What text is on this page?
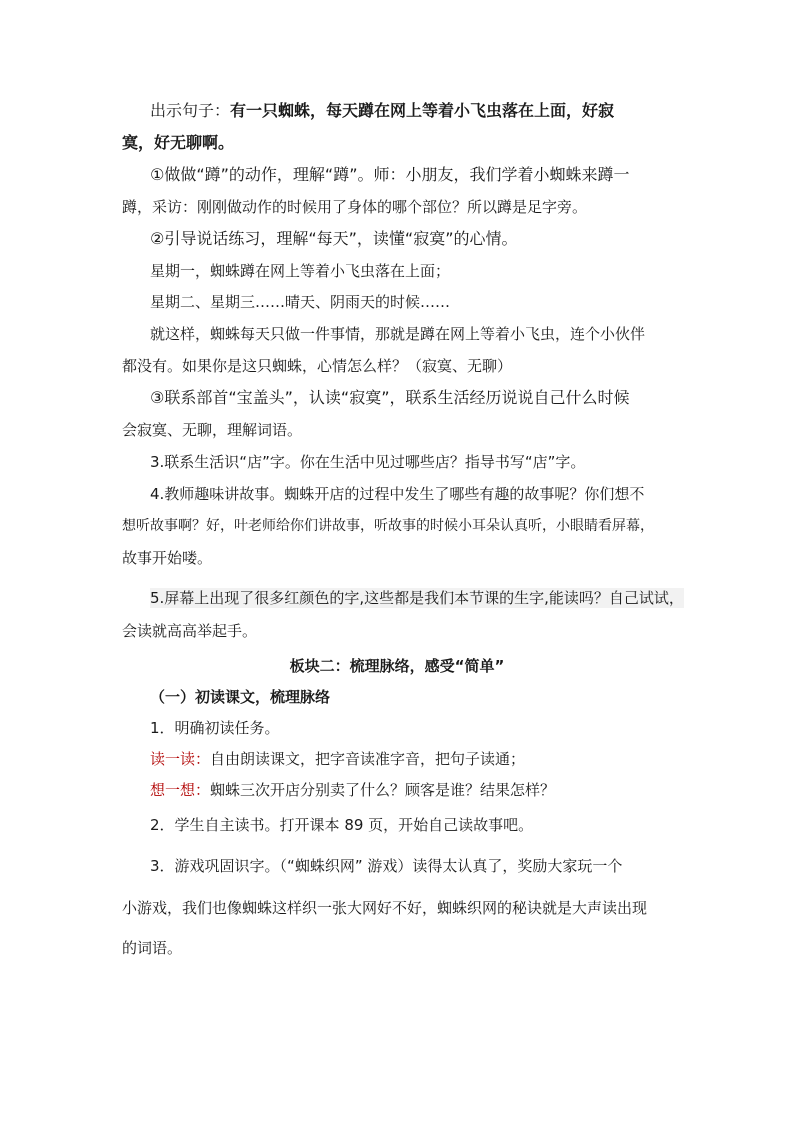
出示句子：有一只蜘蛛，每天蹲在网上等着小飞虫落在上面，好寂
寞，好无聊啊。
①做做“蹲”的动作，理解“蹲”。师：小朋友，我们学着小蜘蛛来蹲一
蹲，采访：刚刚做动作的时候用了身体的哪个部位？所以蹲是足字旁。
②引导说话练习，理解“每天”，读懂“寂寞”的心情。
星期一，蜘蛛蹲在网上等着小飞虫落在上面；
星期二、星期三……晴天、阴雨天的时候……
就这样，蜘蛛每天只做一件事情，那就是蹲在网上等着小飞虫，连个小伙伴
都没有。如果你是这只蜘蛛，心情怎么样？（寂寞、无聊）
③联系部首“宝盖头”，认读“寂寞”，联系生活经历说说自己什么时候
会寂寞、无聊，理解词语。
3.联系生活识“店”字。你在生活中见过哪些店？指导书写“店”字。
4.教师趣味讲故事。蜘蛛开店的过程中发生了哪些有趣的故事呢？你们想不
想听故事啊？好，叶老师给你们讲故事，听故事的时候小耳朵认真听，小眼睛看屏幕，
故事开始喽。
5.屏幕上出现了很多红颜色的字,这些都是我们本节课的生字,能读吗？自己试试，
会读就高高举起手。
板块二：梳理脉络，感受“简单”
（一）初读课文，梳理脉络
1．明确初读任务。
读一读：自由朗读课文，把字音读准字音，把句子读通；
想一想：蜘蛛三次开店分别卖了什么？顾客是谁？结果怎样？
2．学生自主读书。打开课本 89 页，开始自己读故事吧。
3．游戏巩固识字。（“蜘蛛织网” 游戏）读得太认真了，奖励大家玩一个
小游戏，我们也像蜘蛛这样织一张大网好不好，蜘蛛织网的秘诀就是大声读出现
的词语。
